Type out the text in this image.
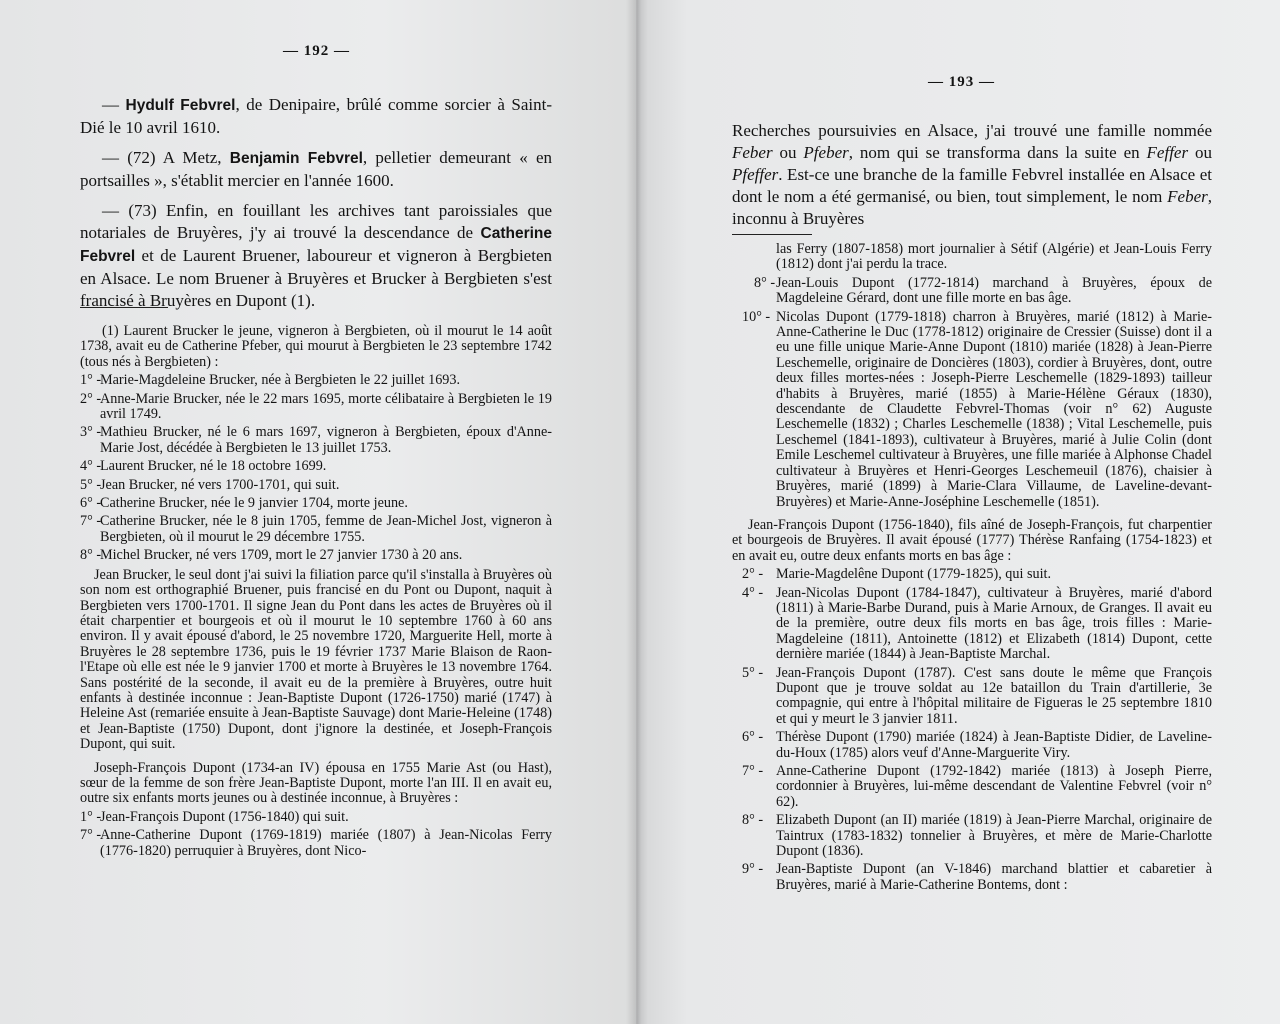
— 192 —

— Hydulf Febvrel, de Denipaire, brûlé comme sorcier à Saint-Dié le 10 avril 1610.

— (72) A Metz, Benjamin Febvrel, pelletier demeurant « en portsailles », s'établit mercier en l'année 1600.

— (73) Enfin, en fouillant les archives tant paroissiales que notariales de Bruyères, j'y ai trouvé la descendance de Catherine Febvrel et de Laurent Bruener, laboureur et vigneron à Bergbieten en Alsace. Le nom Bruener à Bruyères et Brucker à Bergbieten s'est francisé à Bruyères en Dupont (1).

(1) Laurent Brucker le jeune, vigneron à Bergbieten, où il mourut le 14 août 1738, avait eu de Catherine Pfeber, qui mourut à Bergbieten le 23 septembre 1742 (tous nés à Bergbieten) :

1° -
Marie-Magdeleine Brucker, née à Bergbieten le 22 juillet 1693.
2° -
Anne-Marie Brucker, née le 22 mars 1695, morte célibataire à Bergbieten le 19 avril 1749.
3° -
Mathieu Brucker, né le 6 mars 1697, vigneron à Bergbieten, époux d'Anne-Marie Jost, décédée à Bergbieten le 13 juillet 1753.
4° -
Laurent Brucker, né le 18 octobre 1699.
5° -
Jean Brucker, né vers 1700-1701, qui suit.
6° -
Catherine Brucker, née le 9 janvier 1704, morte jeune.
7° -
Catherine Brucker, née le 8 juin 1705, femme de Jean-Michel Jost, vigneron à Bergbieten, où il mourut le 29 décembre 1755.
8° -
Michel Brucker, né vers 1709, mort le 27 janvier 1730 à 20 ans.

Jean Brucker, le seul dont j'ai suivi la filiation parce qu'il s'installa à Bruyères où son nom est orthographié Bruener, puis francisé en du Pont ou Dupont, naquit à Bergbieten vers 1700-1701. Il signe Jean du Pont dans les actes de Bruyères où il était charpentier et bourgeois et où il mourut le 10 septembre 1760 à 60 ans environ. Il y avait épousé d'abord, le 25 novembre 1720, Marguerite Hell, morte à Bruyères le 28 septembre 1736, puis le 19 février 1737 Marie Blaison de Raon-l'Etape où elle est née le 9 janvier 1700 et morte à Bruyères le 13 novembre 1764. Sans postérité de la seconde, il avait eu de la première à Bruyères, outre huit enfants à destinée inconnue : Jean-Baptiste Dupont (1726-1750) marié (1747) à Heleine Ast (remariée ensuite à Jean-Baptiste Sauvage) dont Marie-Heleine (1748) et Jean-Baptiste (1750) Dupont, dont j'ignore la destinée, et Joseph-François Dupont, qui suit.

Joseph-François Dupont (1734-an IV) épousa en 1755 Marie Ast (ou Hast), sœur de la femme de son frère Jean-Baptiste Dupont, morte l'an III. Il en avait eu, outre six enfants morts jeunes ou à destinée inconnue, à Bruyères :

1° -
Jean-François Dupont (1756-1840) qui suit.
7° -
Anne-Catherine Dupont (1769-1819) mariée (1807) à Jean-Nicolas Ferry (1776-1820) perruquier à Bruyères, dont Nico-
— 193 —

Recherches poursuivies en Alsace, j'ai trouvé une famille nommée Feber ou Pfeber, nom qui se transforma dans la suite en Feffer ou Pfeffer. Est-ce une branche de la famille Febvrel installée en Alsace et dont le nom a été germanisé, ou bien, tout simplement, le nom Feber, inconnu à Bruyères

las Ferry (1807-1858) mort journalier à Sétif (Algérie) et Jean-Louis Ferry (1812) dont j'ai perdu la trace.

8° - Jean-Louis Dupont (1772-1814) marchand à Bruyères, époux de Magdeleine Gérard, dont une fille morte en bas âge.
10° - Nicolas Dupont (1779-1818) charron à Bruyères, marié (1812) à Marie-Anne-Catherine le Duc (1778-1812) originaire de Cressier (Suisse) dont il a eu une fille unique Marie-Anne Dupont (1810) mariée (1828) à Jean-Pierre Leschemelle, originaire de Doncières (1803), cordier à Bruyères, dont, outre deux filles mortes-nées : Joseph-Pierre Leschemelle (1829-1893) tailleur d'habits à Bruyères, marié (1855) à Marie-Hélène Géraux (1830), descendante de Claudette Febvrel-Thomas (voir n° 62) Auguste Leschemelle (1832) ; Charles Leschemelle (1838) ; Vital Leschemelle, puis Leschemel (1841-1893), cultivateur à Bruyères, marié à Julie Colin (dont Emile Leschemel cultivateur à Bruyères, une fille mariée à Alphonse Chadel cultivateur à Bruyères et Henri-Georges Leschemeuil (1876), chaisier à Bruyères, marié (1899) à Marie-Clara Villaume, de Laveline-devant-Bruyères) et Marie-Anne-Joséphine Leschemelle (1851).

Jean-François Dupont (1756-1840), fils aîné de Joseph-François, fut charpentier et bourgeois de Bruyères. Il avait épousé (1777) Thérèse Ranfaing (1754-1823) et en avait eu, outre deux enfants morts en bas âge :

2° - Marie-Magdelêne Dupont (1779-1825), qui suit.
4° - Jean-Nicolas Dupont (1784-1847), cultivateur à Bruyères, marié d'abord (1811) à Marie-Barbe Durand, puis à Marie Arnoux, de Granges. Il avait eu de la première, outre deux fils morts en bas âge, trois filles : Marie-Magdeleine (1811), Antoinette (1812) et Elizabeth (1814) Dupont, cette dernière mariée (1844) à Jean-Baptiste Marchal.
5° - Jean-François Dupont (1787). C'est sans doute le même que François Dupont que je trouve soldat au 12e bataillon du Train d'artillerie, 3e compagnie, qui entre à l'hôpital militaire de Figueras le 25 septembre 1810 et qui y meurt le 3 janvier 1811.
6° - Thérèse Dupont (1790) mariée (1824) à Jean-Baptiste Didier, de Laveline-du-Houx (1785) alors veuf d'Anne-Marguerite Viry.
7° - Anne-Catherine Dupont (1792-1842) mariée (1813) à Joseph Pierre, cordonnier à Bruyères, lui-même descendant de Valentine Febvrel (voir n° 62).
8° - Elizabeth Dupont (an II) mariée (1819) à Jean-Pierre Marchal, originaire de Taintrux (1783-1832) tonnelier à Bruyères, et mère de Marie-Charlotte Dupont (1836).
9° - Jean-Baptiste Dupont (an V-1846) marchand blattier et cabaretier à Bruyères, marié à Marie-Catherine Bontems, dont :
